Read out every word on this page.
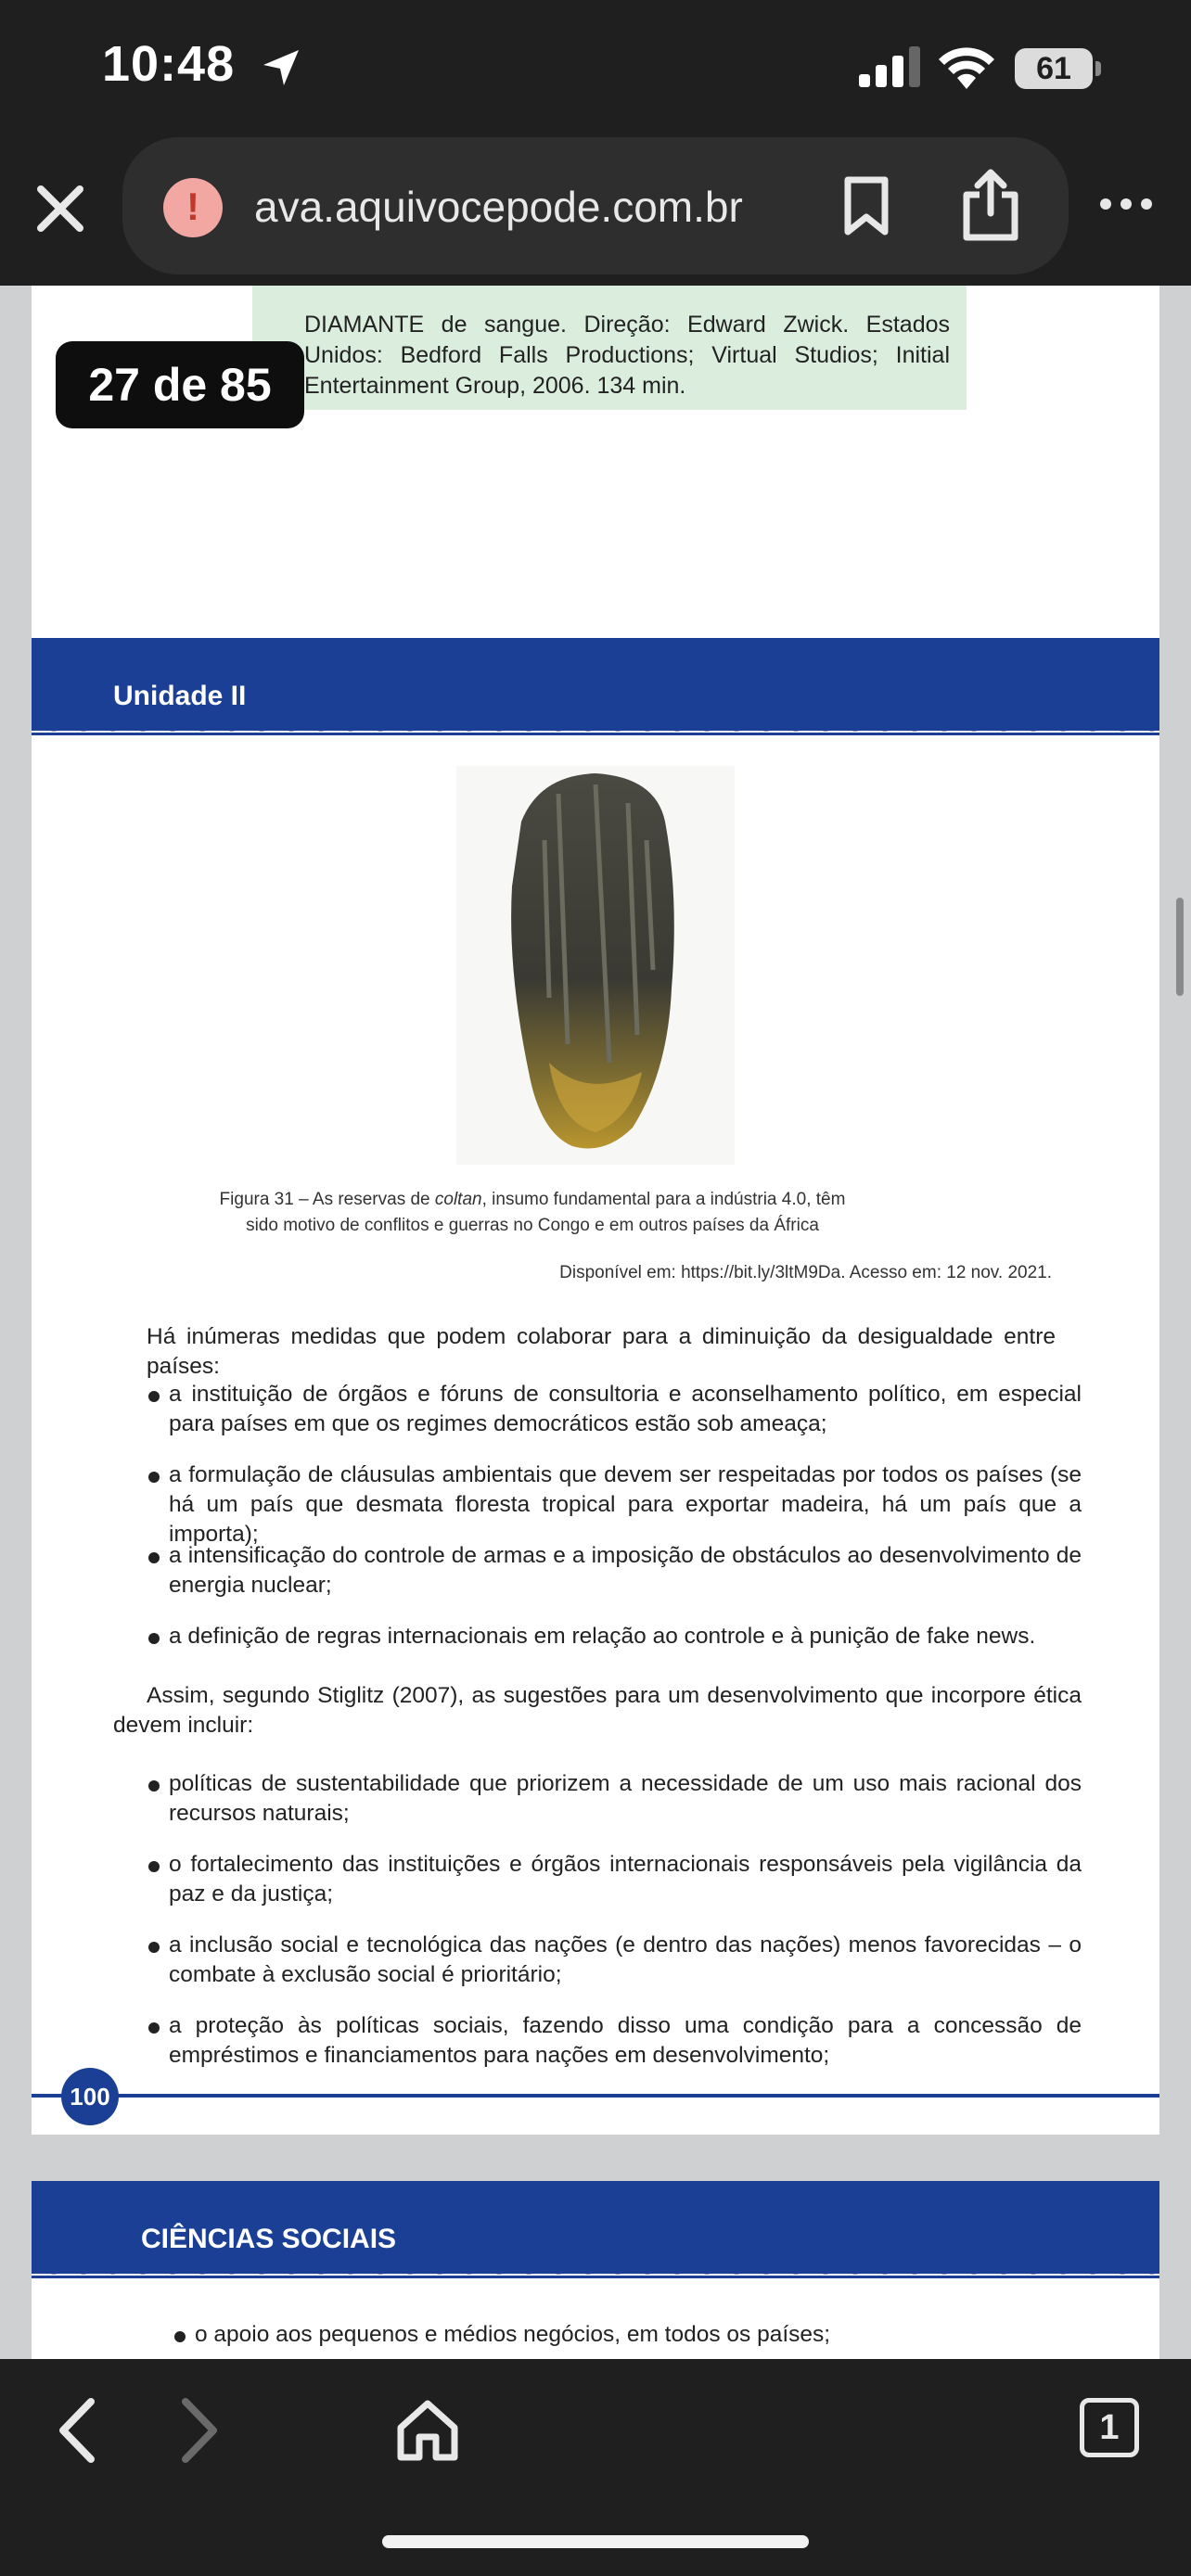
10:48	61
!	ava.aquivocepode.com.br
DIAMANTE de sangue. Direção: Edward Zwick. Estados Unidos: Bedford Falls Productions; Virtual Studios; Initial Entertainment Group, 2006. 134 min.
Unidade II
Figura 31 – As reservas de coltan, insumo fundamental para a indústria 4.0, têm sido motivo de conflitos e guerras no Congo e em outros países da África
Disponível em: https://bit.ly/3ltM9Da. Acesso em: 12 nov. 2021.
Há inúmeras medidas que podem colaborar para a diminuição da desigualdade entre países:
a instituição de órgãos e fóruns de consultoria e aconselhamento político, em especial para países em que os regimes democráticos estão sob ameaça;
a formulação de cláusulas ambientais que devem ser respeitadas por todos os países (se há um país que desmata floresta tropical para exportar madeira, há um país que a importa);
a intensificação do controle de armas e a imposição de obstáculos ao desenvolvimento de energia nuclear;
a definição de regras internacionais em relação ao controle e à punição de fake news.
Assim, segundo Stiglitz (2007), as sugestões para um desenvolvimento que incorpore ética devem incluir:
políticas de sustentabilidade que priorizem a necessidade de um uso mais racional dos recursos naturais;
o fortalecimento das instituições e órgãos internacionais responsáveis pela vigilância da paz e da justiça;
a inclusão social e tecnológica das nações (e dentro das nações) menos favorecidas – o combate à exclusão social é prioritário;
a proteção às políticas sociais, fazendo disso uma condição para a concessão de empréstimos e financiamentos para nações em desenvolvimento;
100
CIÊNCIAS SOCIAIS
o apoio aos pequenos e médios negócios, em todos os países;
27 de 85
1
